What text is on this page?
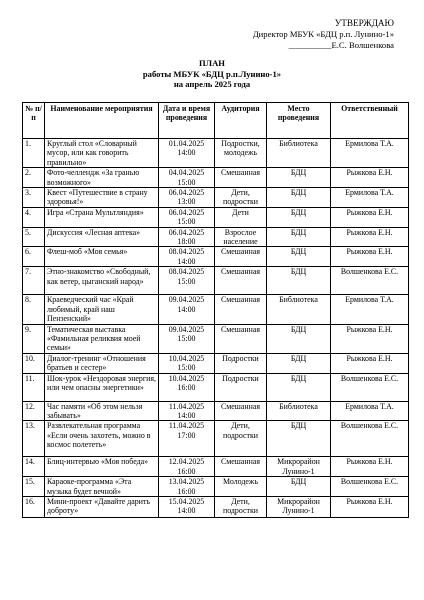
УТВЕРЖДАЮ
Директор МБУК «БДЦ р.п. Лунино-1»
__________Е.С. Волшенкова
ПЛАН
работы МБУК «БДЦ р.п.Лунино-1»
на апрель 2025 года
№ п/п	Наименование мероприятия	Дата и время проведения	Аудитория	Место проведения	Ответственный
1.	Круглый стол «Словарный мусор, или как говорить правильно»	01.04.2025 14:00	Подростки, молодежь	Библиотека	Ермилова Т.А.
2.	Фото-челлендж «За гранью возможного»	04.04.2025 15:00	Смешанная	БДЦ	Рыжкова Е.Н.
3.	Квест «Путешествие в страну здоровья!»	06.04.2025 13:00	Дети, подростки	БДЦ	Ермилова Т.А.
4.	Игра «Страна Мультляндия»	06.04.2025 15:00	Дети	БДЦ	Рыжкова Е.Н.
5.	Дискуссия «Лесная аптека»	06.04.2025 18:00	Взрослое население	БДЦ	Рыжкова Е.Н.
6.	Флеш-моб «Моя семья»	08.04.2025 14:00	Смешанная	БДЦ	Рыжкова Е.Н.
7.	Этно-знакомство «Свободный, как ветер, цыганский народ»	08.04.2025 15:00	Смешанная	БДЦ	Волшенкова Е.С.
8.	Краеведческий час «Край любимый, край наш Пензенский»	09.04.2025 14:00	Смешанная	Библиотека	Ермилова Т.А.
9.	Тематическая выставка «Фамильная реликвия моей семьи»	09.04.2025 15:00	Смешанная	БДЦ	Рыжкова Е.Н.
10.	Диалог-тренинг «Отношения братьев и сестер»	10.04.2025 15:00	Подростки	БДЦ	Рыжкова Е.Н.
11.	Шок-урок «Нездоровая энергия, или чем опасны энергетики»	10.04.2025 16:00	Подростки	БДЦ	Волшенкова Е.С.
12.	Час памяти «Об этом нельзя забывать»	11.04.2025 14:00	Смешанная	Библиотека	Ермилова Т.А.
13.	Развлекательная программа «Если очень захотеть, можно в космос полететь»	11.04.2025 17:00	Дети, подростки	БДЦ	Волшенкова Е.С.
14.	Блиц-интервью «Моя победа»	12.04.2025 16:00	Смешанная	Микрорайон Лунино-1	Рыжкова Е.Н.
15.	Караоке-программа «Эта музыка будет вечной»	13.04.2025 16:00	Молодежь	БДЦ	Волшенкова Е.С.
16.	Мини-проект «Давайте дарить доброту»	15.04.2025 14:00	Дети, подростки	Микрорайон Лунино-1	Рыжкова Е.Н.
